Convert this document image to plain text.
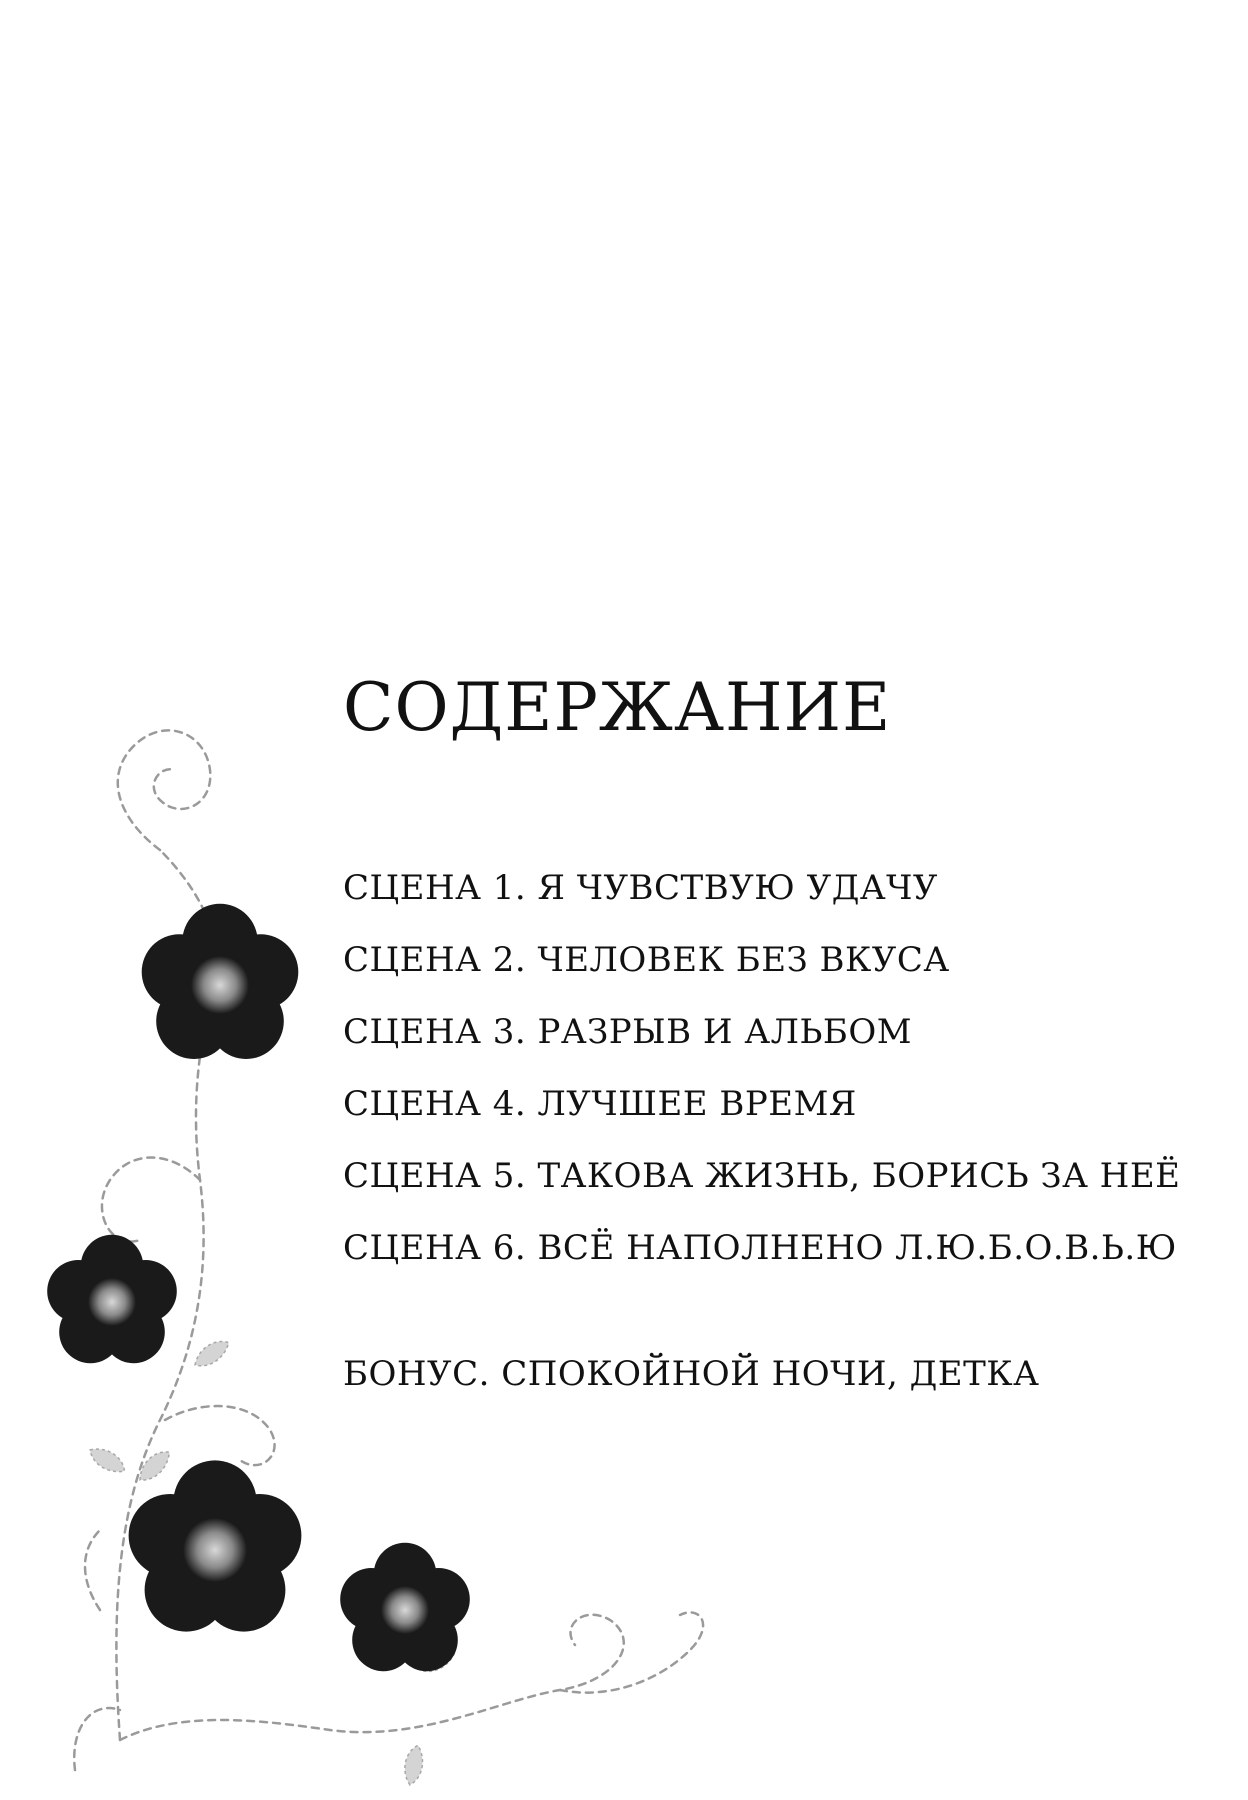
СОДЕРЖАНИЕ
СЦЕНА 1. Я ЧУВСТВУЮ УДАЧУ
СЦЕНА 2. ЧЕЛОВЕК БЕЗ ВКУСА
СЦЕНА 3. РАЗРЫВ И АЛЬБОМ
СЦЕНА 4. ЛУЧШЕЕ ВРЕМЯ
СЦЕНА 5. ТАКОВА ЖИЗНЬ, БОРИСЬ ЗА НЕЁ
СЦЕНА 6. ВСЁ НАПОЛНЕНО Л.Ю.Б.О.В.Ь.Ю
БОНУС. СПОКОЙНОЙ НОЧИ, ДЕТКА
